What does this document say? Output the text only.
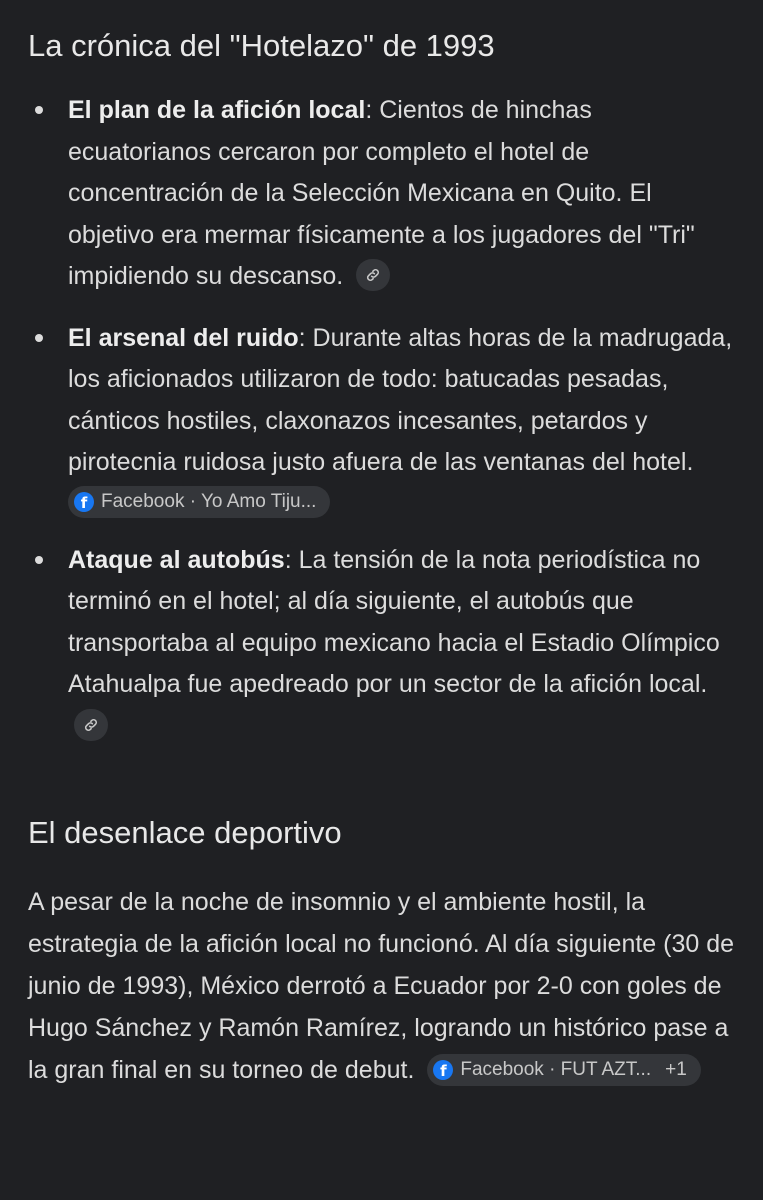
La crónica del "Hotelazo" de 1993
El plan de la afición local: Cientos de hinchas ecuatorianos cercaron por completo el hotel de concentración de la Selección Mexicana en Quito. El objetivo era mermar físicamente a los jugadores del "Tri" impidiendo su descanso.
El arsenal del ruido: Durante altas horas de la madrugada, los aficionados utilizaron de todo: batucadas pesadas, cánticos hostiles, claxonazos incesantes, petardos y pirotecnia ruidosa justo afuera de las ventanas del hotel.
f Facebook · Yo Amo Tiju...
Ataque al autobús: La tensión de la nota periodística no terminó en el hotel; al día siguiente, el autobús que transportaba al equipo mexicano hacia el Estadio Olímpico Atahualpa fue apedreado por un sector de la afición local.
El desenlace deportivo

A pesar de la noche de insomnio y el ambiente hostil, la estrategia de la afición local no funcionó. Al día siguiente (30 de junio de 1993), México derrotó a Ecuador por 2-0 con goles de Hugo Sánchez y Ramón Ramírez, logrando un histórico pase a la gran final en su torneo de debut. f Facebook · FUT AZT... +1
